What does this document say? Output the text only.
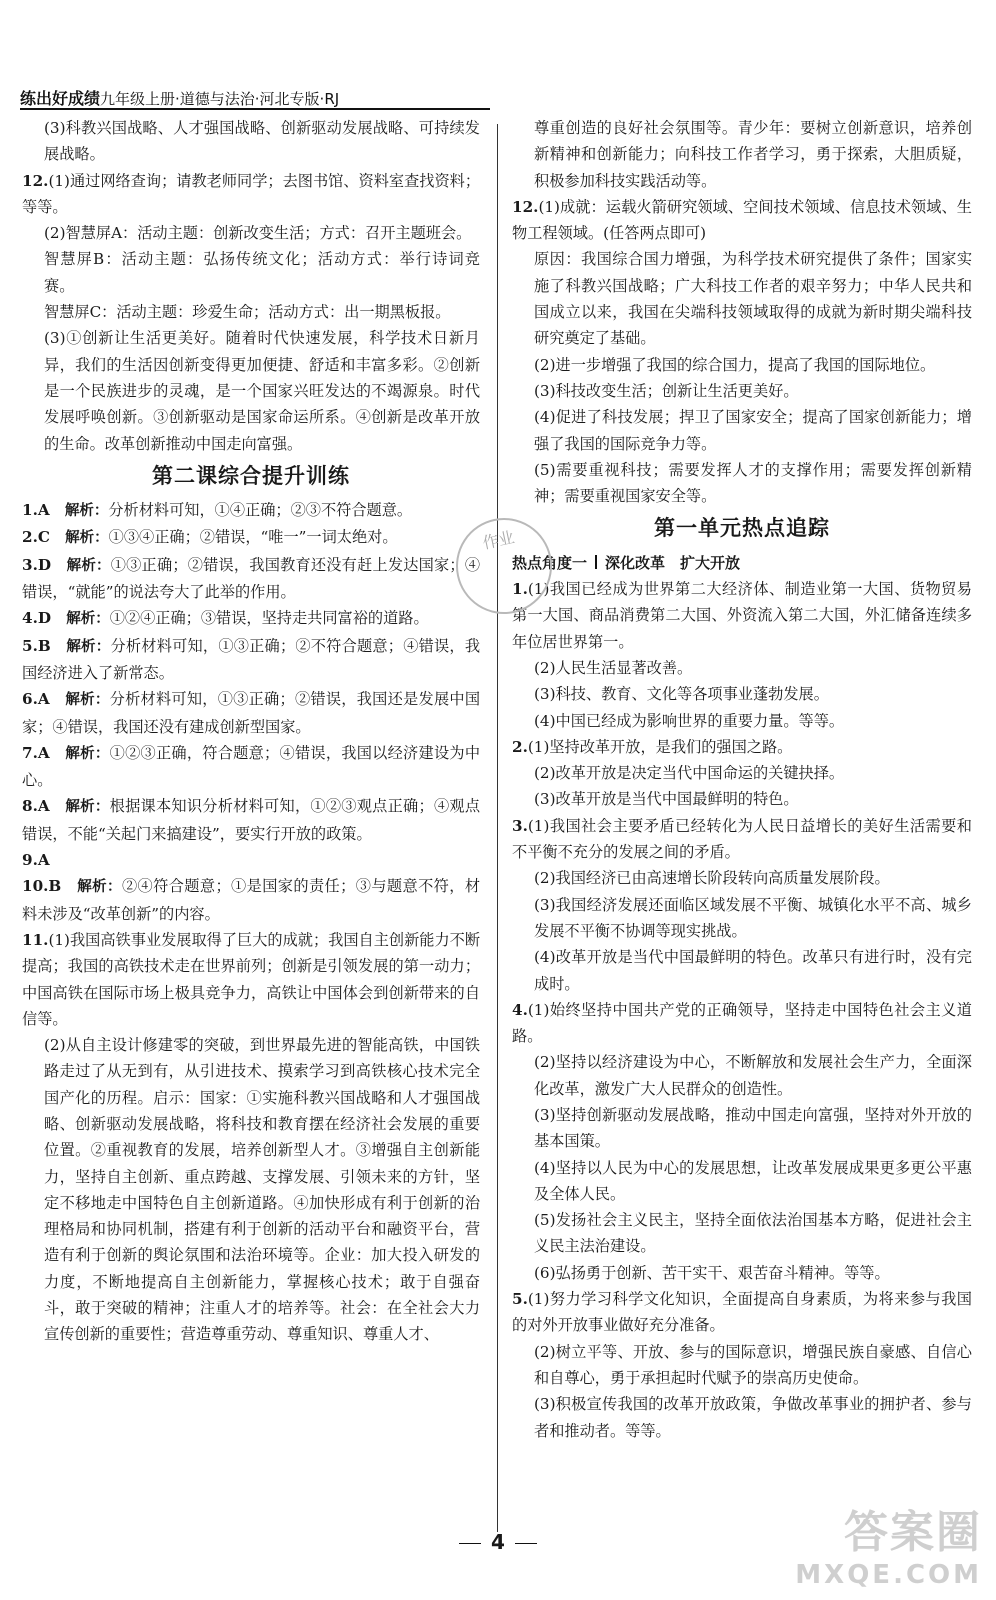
练出好成绩九年级上册·道德与法治·河北专版·RJ

(3)科教兴国战略、人才强国战略、创新驱动发展战略、可持续发展战略。

12.(1)通过网络查询；请教老师同学；去图书馆、资料室查找资料；等等。

(2)智慧屏A：活动主题：创新改变生活；方式：召开主题班会。

智慧屏B：活动主题：弘扬传统文化；活动方式：举行诗词竞赛。

智慧屏C：活动主题：珍爱生命；活动方式：出一期黑板报。

(3)①创新让生活更美好。随着时代快速发展，科学技术日新月异，我们的生活因创新变得更加便捷、舒适和丰富多彩。②创新是一个民族进步的灵魂，是一个国家兴旺发达的不竭源泉。时代发展呼唤创新。③创新驱动是国家命运所系。④创新是改革开放的生命。改革创新推动中国走向富强。

第二课综合提升训练

1.A　 解析：分析材料可知，①④正确；②③不符合题意。

2.C　 解析：①③④正确；②错误，“唯一”一词太绝对。

3.D　 解析：①③正确；②错误，我国教育还没有赶上发达国家；④错误，“就能”的说法夸大了此举的作用。

4.D　 解析：①②④正确；③错误，坚持走共同富裕的道路。

5.B　 解析：分析材料可知，①③正确；②不符合题意；④错误，我国经济进入了新常态。

6.A　 解析：分析材料可知，①③正确；②错误，我国还是发展中国家；④错误，我国还没有建成创新型国家。

7.A　 解析：①②③正确，符合题意；④错误，我国以经济建设为中心。

8.A　 解析：根据课本知识分析材料可知，①②③观点正确；④观点错误，不能“关起门来搞建设”，要实行开放的政策。

9.A

10.B　 解析：②④符合题意；①是国家的责任；③与题意不符，材料未涉及“改革创新”的内容。

11.(1)我国高铁事业发展取得了巨大的成就；我国自主创新能力不断提高；我国的高铁技术走在世界前列；创新是引领发展的第一动力；中国高铁在国际市场上极具竞争力，高铁让中国体会到创新带来的自信等。

(2)从自主设计修建零的突破，到世界最先进的智能高铁，中国铁路走过了从无到有，从引进技术、摸索学习到高铁核心技术完全国产化的历程。启示：国家：①实施科教兴国战略和人才强国战略、创新驱动发展战略，将科技和教育摆在经济社会发展的重要位置。②重视教育的发展，培养创新型人才。③增强自主创新能力，坚持自主创新、重点跨越、支撑发展、引领未来的方针，坚定不移地走中国特色自主创新道路。④加快形成有利于创新的治理格局和协同机制，搭建有利于创新的活动平台和融资平台，营造有利于创新的舆论氛围和法治环境等。企业：加大投入研发的力度，不断地提高自主创新能力，掌握核心技术；敢于自强奋斗，敢于突破的精神；注重人才的培养等。社会：在全社会大力宣传创新的重要性；营造尊重劳动、尊重知识、尊重人才、

尊重创造的良好社会氛围等。青少年：要树立创新意识，培养创新精神和创新能力；向科技工作者学习，勇于探索，大胆质疑，积极参加科技实践活动等。

12.(1)成就：运载火箭研究领域、空间技术领域、信息技术领域、生物工程领域。(任答两点即可)

原因：我国综合国力增强，为科学技术研究提供了条件；国家实施了科教兴国战略；广大科技工作者的艰辛努力；中华人民共和国成立以来，我国在尖端科技领域取得的成就为新时期尖端科技研究奠定了基础。

(2)进一步增强了我国的综合国力，提高了我国的国际地位。

(3)科技改变生活；创新让生活更美好。

(4)促进了科技发展；捍卫了国家安全；提高了国家创新能力；增强了我国的国际竞争力等。

(5)需要重视科技；需要发挥人才的支撑作用；需要发挥创新精神；需要重视国家安全等。

第一单元热点追踪
热点角度一 深化改革　扩大开放

1.(1)我国已经成为世界第二大经济体、制造业第一大国、货物贸易第一大国、商品消费第二大国、外资流入第二大国，外汇储备连续多年位居世界第一。

(2)人民生活显著改善。

(3)科技、教育、文化等各项事业蓬勃发展。

(4)中国已经成为影响世界的重要力量。等等。

2.(1)坚持改革开放，是我们的强国之路。

(2)改革开放是决定当代中国命运的关键抉择。

(3)改革开放是当代中国最鲜明的特色。

3.(1)我国社会主要矛盾已经转化为人民日益增长的美好生活需要和不平衡不充分的发展之间的矛盾。

(2)我国经济已由高速增长阶段转向高质量发展阶段。

(3)我国经济发展还面临区域发展不平衡、城镇化水平不高、城乡发展不平衡不协调等现实挑战。

(4)改革开放是当代中国最鲜明的特色。改革只有进行时，没有完成时。

4.(1)始终坚持中国共产党的正确领导，坚持走中国特色社会主义道路。

(2)坚持以经济建设为中心，不断解放和发展社会生产力，全面深化改革，激发广大人民群众的创造性。

(3)坚持创新驱动发展战略，推动中国走向富强，坚持对外开放的基本国策。

(4)坚持以人民为中心的发展思想，让改革发展成果更多更公平惠及全体人民。

(5)发扬社会主义民主，坚持全面依法治国基本方略，促进社会主义民主法治建设。

(6)弘扬勇于创新、苦干实干、艰苦奋斗精神。等等。

5.(1)努力学习科学文化知识，全面提高自身素质，为将来参与我国的对外开放事业做好充分准备。

(2)树立平等、开放、参与的国际意识，增强民族自豪感、自信心和自尊心，勇于承担起时代赋予的崇高历史使命。

(3)积极宣传我国的改革开放政策，争做改革事业的拥护者、参与者和推动者。等等。

作业
4	答案圈
MXQE.COM
